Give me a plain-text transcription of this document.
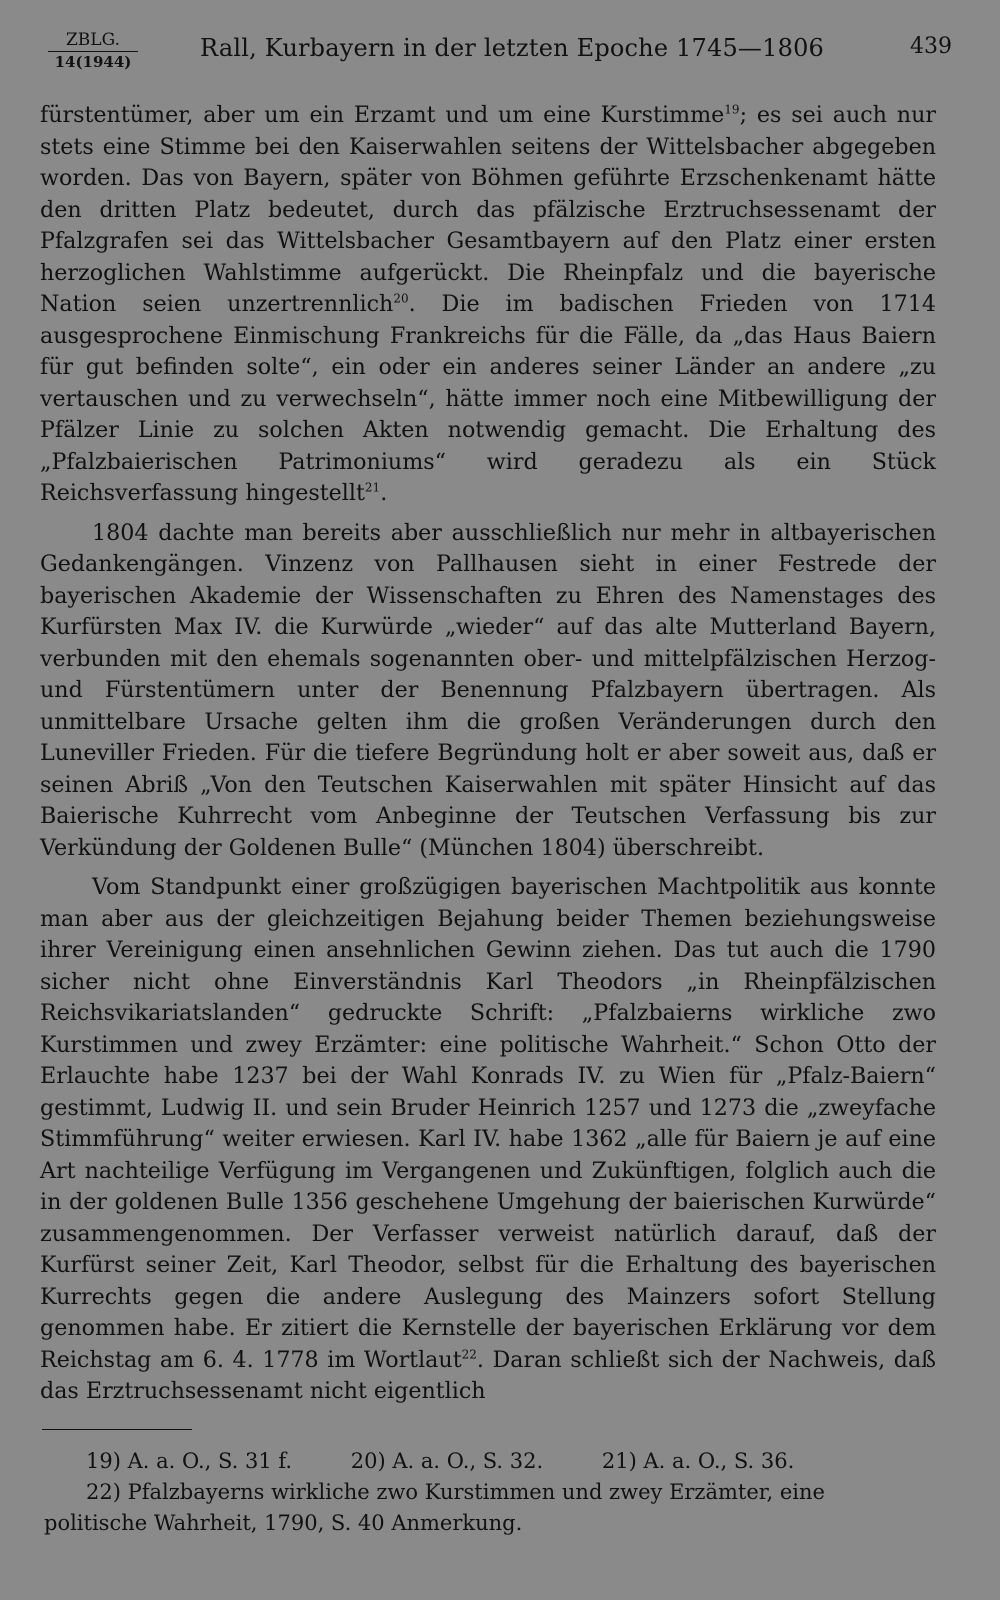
ZBLG.
14(1944)	Rall, Kurbayern in der letzten Epoche 1745—1806	439

fürstentümer, aber um ein Erzamt und um eine Kurstimme$^{19}$; es sei auch nur stets eine Stimme bei den Kaiserwahlen seitens der Wittelsbacher abgegeben worden. Das von Bayern, später von Böhmen geführte Erzschenkenamt hätte den dritten Platz bedeutet, durch das pfälzische Erztruchsessenamt der Pfalzgrafen sei das Wittelsbacher Gesamtbayern auf den Platz einer ersten herzoglichen Wahlstimme aufgerückt. Die Rheinpfalz und die bayerische Nation seien unzertrennlich$^{20}$. Die im badischen Frieden von 1714 ausgesprochene Einmischung Frankreichs für die Fälle, da „das Haus Baiern für gut befinden solte“, ein oder ein anderes seiner Länder an andere „zu vertauschen und zu verwechseln“, hätte immer noch eine Mitbewilligung der Pfälzer Linie zu solchen Akten notwendig gemacht. Die Erhaltung des „Pfalzbaierischen Patrimoniums“ wird geradezu als ein Stück Reichsverfassung hingestellt$^{21}$.

1804 dachte man bereits aber ausschließlich nur mehr in altbayerischen Gedankengängen. Vinzenz von Pallhausen sieht in einer Festrede der bayerischen Akademie der Wissenschaften zu Ehren des Namenstages des Kurfürsten Max IV. die Kurwürde „wieder“ auf das alte Mutterland Bayern, verbunden mit den ehemals sogenannten ober- und mittelpfälzischen Herzog- und Fürstentümern unter der Benennung Pfalzbayern übertragen. Als unmittelbare Ursache gelten ihm die großen Veränderungen durch den Luneviller Frieden. Für die tiefere Begründung holt er aber soweit aus, daß er seinen Abriß „Von den Teutschen Kaiserwahlen mit später Hinsicht auf das Baierische Kuhrrecht vom Anbeginne der Teutschen Verfassung bis zur Verkündung der Goldenen Bulle“ (München 1804) überschreibt.

Vom Standpunkt einer großzügigen bayerischen Machtpolitik aus konnte man aber aus der gleichzeitigen Bejahung beider Themen beziehungsweise ihrer Vereinigung einen ansehnlichen Gewinn ziehen. Das tut auch die 1790 sicher nicht ohne Einverständnis Karl Theodors „in Rheinpfälzischen Reichsvikariatslanden“ gedruckte Schrift: „Pfalzbaierns wirkliche zwo Kurstimmen und zwey Erzämter: eine politische Wahrheit.“ Schon Otto der Erlauchte habe 1237 bei der Wahl Konrads IV. zu Wien für „Pfalz-Baiern“ gestimmt, Ludwig II. und sein Bruder Heinrich 1257 und 1273 die „zweyfache Stimmführung“ weiter erwiesen. Karl IV. habe 1362 „alle für Baiern je auf eine Art nachteilige Verfügung im Vergangenen und Zukünftigen, folglich auch die in der goldenen Bulle 1356 geschehene Umgehung der baierischen Kurwürde“ zusammengenommen. Der Verfasser verweist natürlich darauf, daß der Kurfürst seiner Zeit, Karl Theodor, selbst für die Erhaltung des bayerischen Kurrechts gegen die andere Auslegung des Mainzers sofort Stellung genommen habe. Er zitiert die Kernstelle der bayerischen Erklärung vor dem Reichstag am 6. 4. 1778 im Wortlaut$^{22}$. Daran schließt sich der Nachweis, daß das Erztruchsessenamt nicht eigentlich

19) A. a. O., S. 31 f.	20) A. a. O., S. 32.	21) A. a. O., S. 36.
22) Pfalzbayerns wirkliche zwo Kurstimmen und zwey Erzämter, eine politische Wahrheit, 1790, S. 40 Anmerkung.
